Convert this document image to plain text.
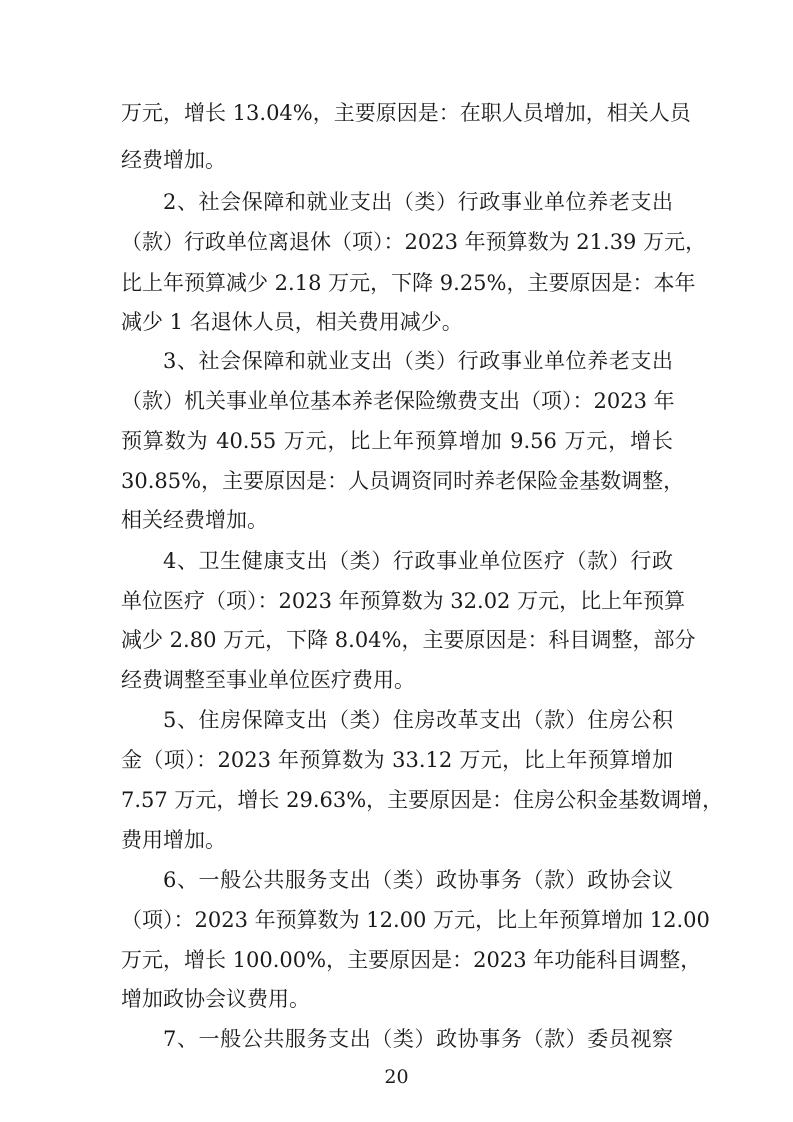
万元，增长 13.04%，主要原因是：在职人员增加，相关人员
经费增加。
2、社会保障和就业支出（类）行政事业单位养老支出
（款）行政单位离退休（项）：2023 年预算数为 21.39 万元，
比上年预算减少 2.18 万元，下降 9.25%，主要原因是：本年
减少 1 名退休人员，相关费用减少。
3、社会保障和就业支出（类）行政事业单位养老支出
（款）机关事业单位基本养老保险缴费支出（项）：2023 年
预算数为 40.55 万元，比上年预算增加 9.56 万元，增长
30.85%，主要原因是：人员调资同时养老保险金基数调整，
相关经费增加。
4、卫生健康支出（类）行政事业单位医疗（款）行政
单位医疗（项）：2023 年预算数为 32.02 万元，比上年预算
减少 2.80 万元，下降 8.04%，主要原因是：科目调整，部分
经费调整至事业单位医疗费用。
5、住房保障支出（类）住房改革支出（款）住房公积
金（项）：2023 年预算数为 33.12 万元，比上年预算增加
7.57 万元，增长 29.63%，主要原因是：住房公积金基数调增，
费用增加。
6、一般公共服务支出（类）政协事务（款）政协会议
（项）：2023 年预算数为 12.00 万元，比上年预算增加 12.00
万元，增长 100.00%，主要原因是：2023 年功能科目调整，
增加政协会议费用。
7、一般公共服务支出（类）政协事务（款）委员视察
20
